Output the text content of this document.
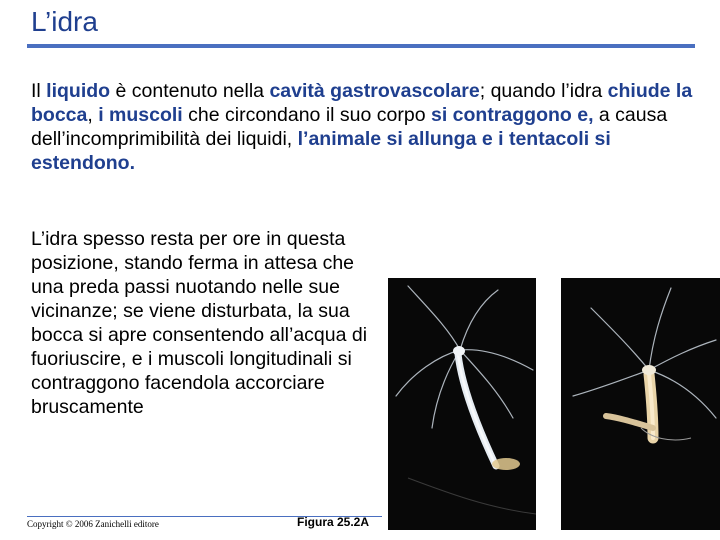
L’idra

Il liquido è contenuto nella cavità gastrovascolare; quando l’idra chiude la bocca, i muscoli che circondano il suo corpo si contraggono e, a causa dell’incomprimibilità dei liquidi, l’animale si allunga e i tentacoli si estendono.

L’idra spesso resta per ore in questa posizione, stando ferma in attesa che una preda passi nuotando nelle sue vicinanze; se viene disturbata, la sua bocca si apre consentendo all’acqua di fuoriuscire, e i muscoli longitudinali si contraggono facendola accorciare bruscamente

Copyright © 2006 Zanichelli editore	Figura 25.2A
